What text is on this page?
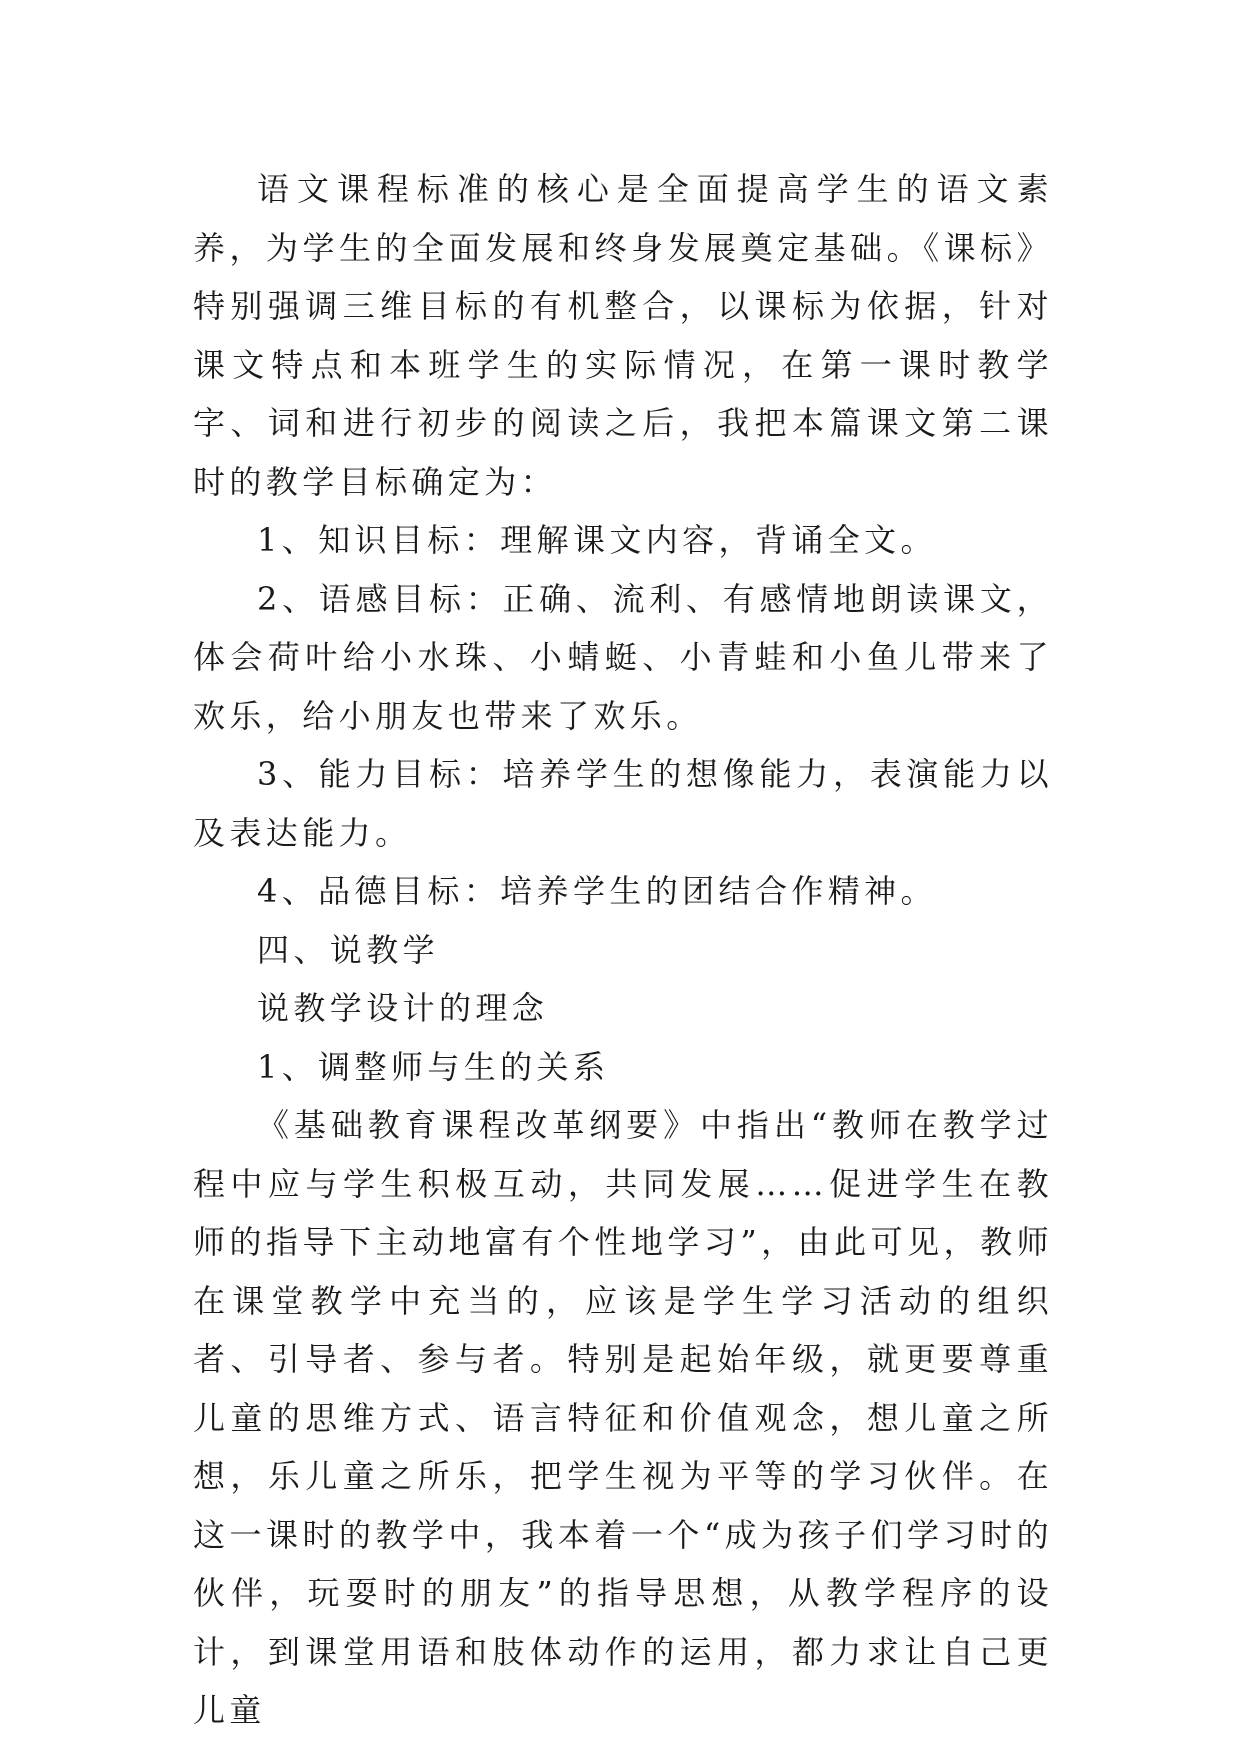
语文课程标准的核心是全面提高学生的语文素养，为学生的全面发展和终身发展奠定基础。《课标》特别强调三维目标的有机整合，以课标为依据，针对课文特点和本班学生的实际情况，在第一课时教学字、词和进行初步的阅读之后，我把本篇课文第二课时的教学目标确定为：

1、知识目标：理解课文内容，背诵全文。

2、语感目标：正确、流利、有感情地朗读课文，体会荷叶给小水珠、小蜻蜓、小青蛙和小鱼儿带来了欢乐，给小朋友也带来了欢乐。

3、能力目标：培养学生的想像能力，表演能力以及表达能力。

4、品德目标：培养学生的团结合作精神。

四、说教学

说教学设计的理念

1、调整师与生的关系

《基础教育课程改革纲要》中指出“教师在教学过程中应与学生积极互动，共同发展……促进学生在教师的指导下主动地富有个性地学习”，由此可见，教师在课堂教学中充当的，应该是学生学习活动的组织者、引导者、参与者。特别是起始年级，就更要尊重儿童的思维方式、语言特征和价值观念，想儿童之所想，乐儿童之所乐，把学生视为平等的学习伙伴。在这一课时的教学中，我本着一个“成为孩子们学习时的伙伴，玩耍时的朋友”的指导思想，从教学程序的设计，到课堂用语和肢体动作的运用，都力求让自己更儿童
